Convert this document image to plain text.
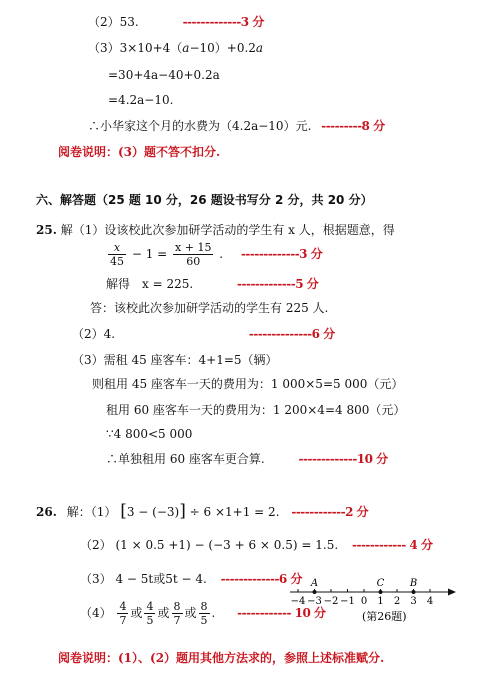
（2）53.	-------------3 分
（3）3×10+4（a−10）+0.2a
=30+4a−40+0.2a
=4.2a−10.
∴小华家这个月的水费为（4.2a−10）元. ---------8 分
阅卷说明：(3）题不答不扣分.
六、解答题（25 题 10 分，26 题设书写分 2 分，共 20 分）
25. 解（1）设该校此次参加研学活动的学生有 x 人，根据题意，得
$\frac{x}{45} - 1 = \frac{x + 15}{60}$ . -------------3 分
解得　x = 225.	-------------5 分
答：该校此次参加研学活动的学生有 225 人.
（2）4.	--------------6 分
（3）需租 45 座客车：4+1=5（辆）
则租用 45 座客车一天的费用为：1 000×5=5 000（元）
租用 60 座客车一天的费用为：1 200×4=4 800（元）
∵4 800<5 000
∴单独租用 60 座客车更合算.	-------------10 分
26. 解：（1） [3 − (−3)] ÷ 6 ×1+1 = 2. ------------2 分
（2） (1 × 0.5 +1) − (−3 + 6 × 0.5) = 1.5. ------------ 4 分
（3） 4 − 5t或5t − 4. -------------6 分
$(4) \frac{4}{7}$ 或 $\frac{4}{5}$ 或 $\frac{8}{7}$ 或 $\frac{8}{5}$ . ------------ 10 分
−4 −3 −2 −1 0 1 2 3 4
A	C	B
(第26题)
阅卷说明：(1）、(2）题用其他方法求的，参照上述标准赋分.
